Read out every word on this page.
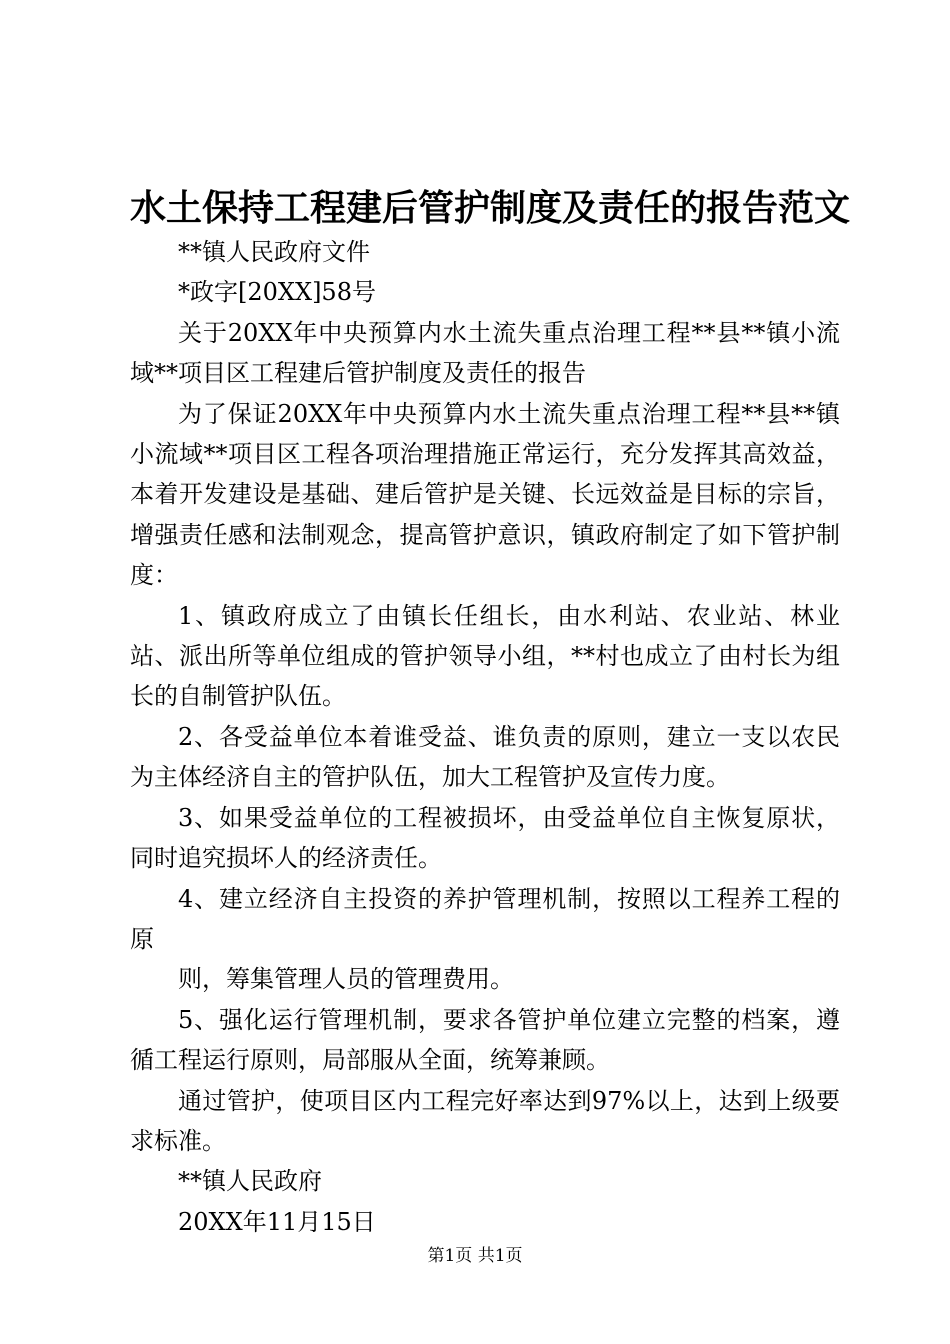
水土保持工程建后管护制度及责任的报告范文

**镇人民政府文件

*政字[20XX]58号

关于20XX年中央预算内水土流失重点治理工程**县**镇小流域**项目区工程建后管护制度及责任的报告

为了保证20XX年中央预算内水土流失重点治理工程**县**镇小流域**项目区工程各项治理措施正常运行，充分发挥其高效益，本着开发建设是基础、建后管护是关键、长远效益是目标的宗旨，增强责任感和法制观念，提高管护意识，镇政府制定了如下管护制度：

1、镇政府成立了由镇长任组长，由水利站、农业站、林业站、派出所等单位组成的管护领导小组，**村也成立了由村长为组长的自制管护队伍。

2、各受益单位本着谁受益、谁负责的原则，建立一支以农民为主体经济自主的管护队伍，加大工程管护及宣传力度。

3、如果受益单位的工程被损坏，由受益单位自主恢复原状，同时追究损坏人的经济责任。

4、建立经济自主投资的养护管理机制，按照以工程养工程的原

则，筹集管理人员的管理费用。

5、强化运行管理机制，要求各管护单位建立完整的档案，遵循工程运行原则，局部服从全面，统筹兼顾。

通过管护，使项目区内工程完好率达到97%以上，达到上级要求标准。

**镇人民政府

20XX年11月15日

第1页 共1页
